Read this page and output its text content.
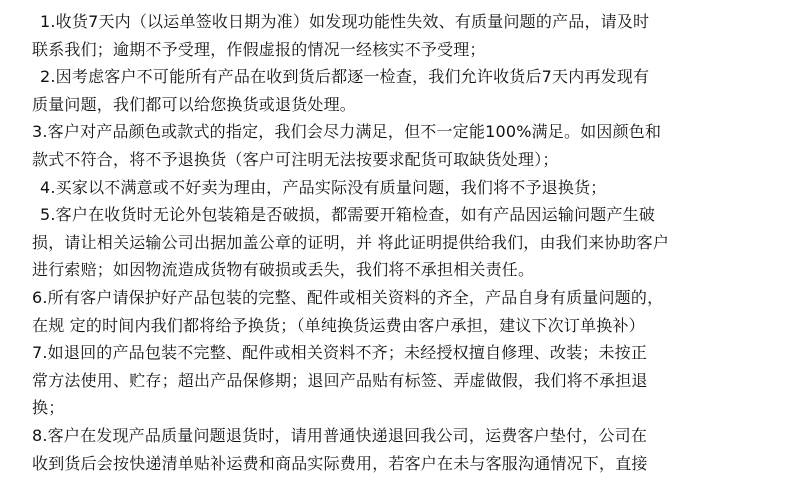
1.收货7天内（以运单签收日期为准）如发现功能性失效、有质量问题的产品，请及时
联系我们；逾期不予受理，作假虚报的情况一经核实不予受理；
2.因考虑客户不可能所有产品在收到货后都逐一检查，我们允许收货后7天内再发现有
质量问题，我们都可以给您换货或退货处理。
3.客户对产品颜色或款式的指定，我们会尽力满足，但不一定能100%满足。如因颜色和
款式不符合，将不予退换货（客户可注明无法按要求配货可取缺货处理）；
4.买家以不满意或不好卖为理由，产品实际没有质量问题，我们将不予退换货；
5.客户在收货时无论外包装箱是否破损，都需要开箱检查，如有产品因运输问题产生破
损，请让相关运输公司出据加盖公章的证明，并 将此证明提供给我们，由我们来协助客户
进行索赔；如因物流造成货物有破损或丢失，我们将不承担相关责任。
6.所有客户请保护好产品包装的完整、配件或相关资料的齐全，产品自身有质量问题的，
在规 定的时间内我们都将给予换货；（单纯换货运费由客户承担，建议下次订单换补）
7.如退回的产品包装不完整、配件或相关资料不齐；未经授权擅自修理、改装；未按正
常方法使用、贮存；超出产品保修期；退回产品贴有标签、弄虚做假，我们将不承担退
换；
8.客户在发现产品质量问题退货时，请用普通快递退回我公司，运费客户垫付，公司在
收到货后会按快递清单贴补运费和商品实际费用，若客户在未与客服沟通情况下，直接
